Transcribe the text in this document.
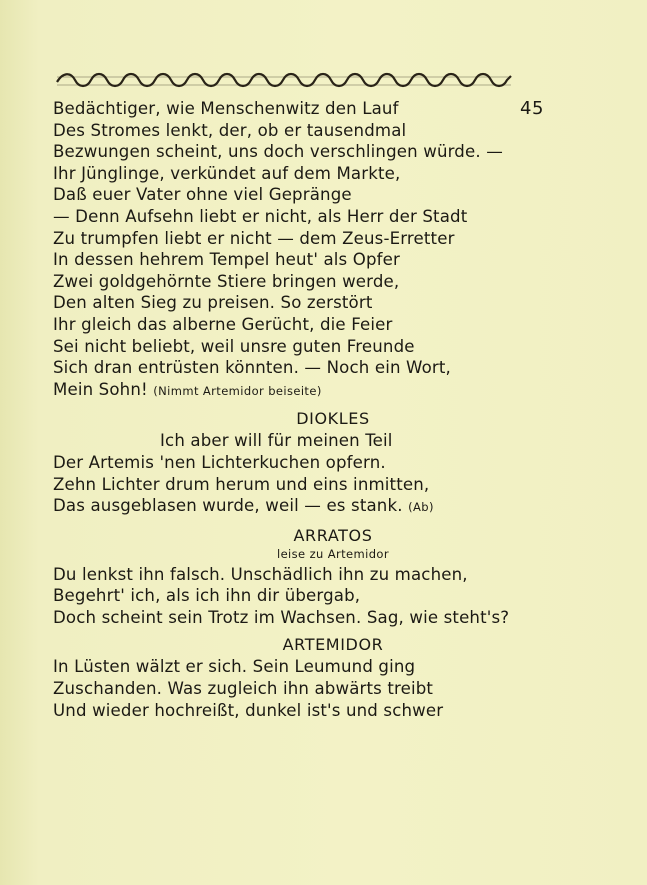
45
Bedächtiger, wie Menschenwitz den Lauf
Des Stromes lenkt, der, ob er tausendmal
Bezwungen scheint, uns doch verschlingen würde. —
Ihr Jünglinge, verkündet auf dem Markte,
Daß euer Vater ohne viel Gepränge
— Denn Aufsehn liebt er nicht, als Herr der Stadt
Zu trumpfen liebt er nicht — dem Zeus-Erretter
In dessen hehrem Tempel heut' als Opfer
Zwei goldgehörnte Stiere bringen werde,
Den alten Sieg zu preisen. So zerstört
Ihr gleich das alberne Gerücht, die Feier
Sei nicht beliebt, weil unsre guten Freunde
Sich dran entrüsten könnten. — Noch ein Wort,
Mein Sohn! (Nimmt Artemidor beiseite)
DIOKLES
Ich aber will für meinen Teil
Der Artemis 'nen Lichterkuchen opfern.
Zehn Lichter drum herum und eins inmitten,
Das ausgeblasen wurde, weil — es stank. (Ab)
ARRATOS
leise zu Artemidor
Du lenkst ihn falsch. Unschädlich ihn zu machen,
Begehrt' ich, als ich ihn dir übergab,
Doch scheint sein Trotz im Wachsen. Sag, wie steht's?
ARTEMIDOR
In Lüsten wälzt er sich. Sein Leumund ging
Zuschanden. Was zugleich ihn abwärts treibt
Und wieder hochreißt, dunkel ist's und schwer
